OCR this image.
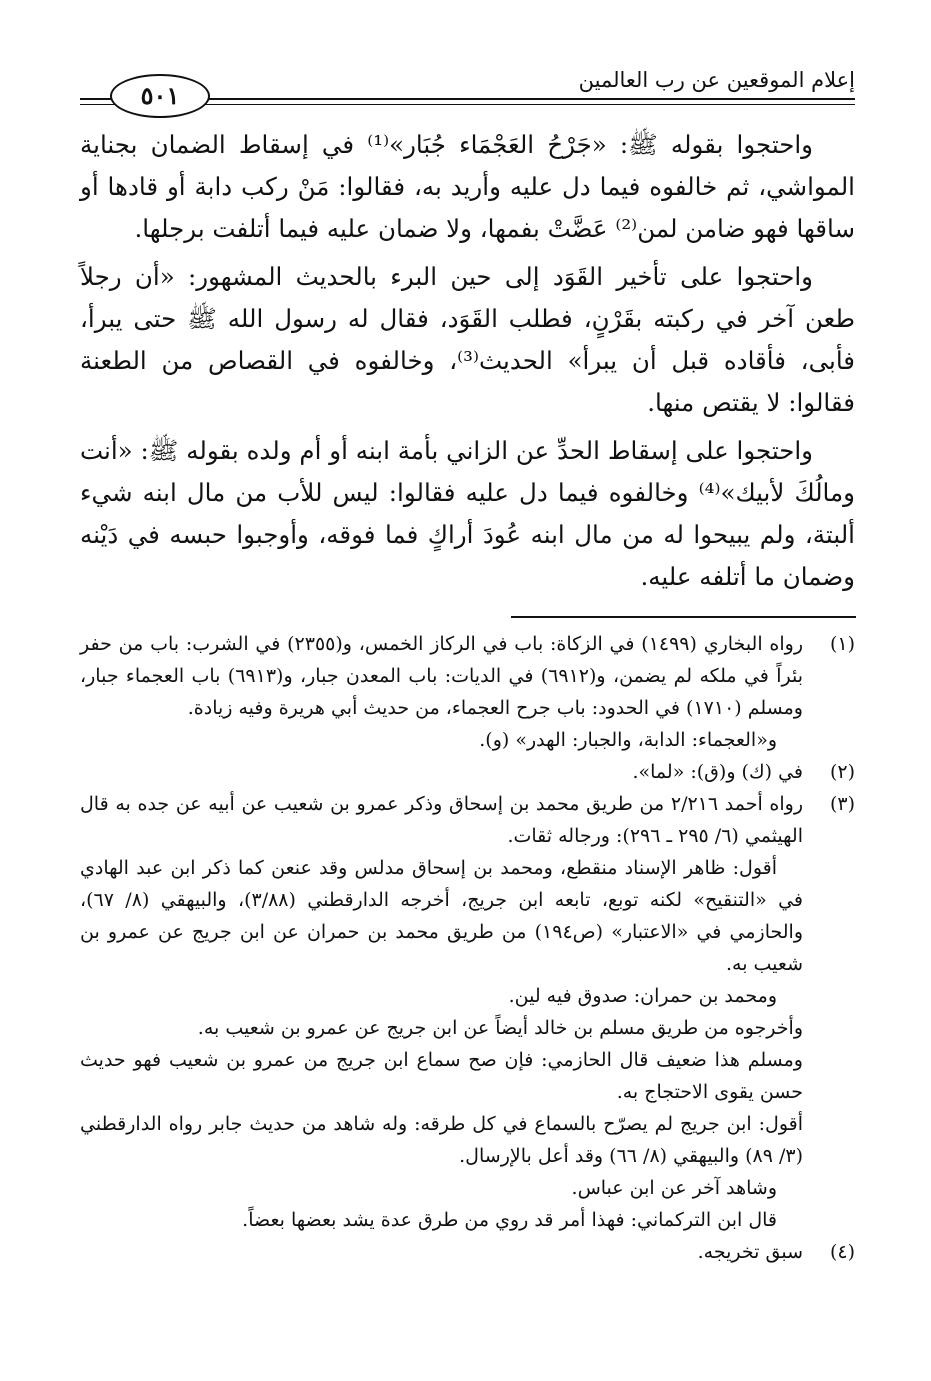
إعلام الموقعين عن رب العالمين
٥٠١

واحتجوا بقوله ﷺ: «جَرْحُ العَجْمَاء جُبَار»⁽¹⁾ في إسقاط الضمان بجناية المواشي، ثم خالفوه فيما دل عليه وأريد به، فقالوا: مَنْ ركب دابة أو قادها أو ساقها فهو ضامن لمن⁽²⁾ عَضَّتْ بفمها، ولا ضمان عليه فيما أتلفت برجلها.

واحتجوا على تأخير القَوَد إلى حين البرء بالحديث المشهور: «أن رجلاً طعن آخر في ركبته بقَرْنٍ، فطلب القَوَد، فقال له رسول الله ﷺ حتى يبرأ، فأبى، فأقاده قبل أن يبرأ» الحديث⁽³⁾، وخالفوه في القصاص من الطعنة فقالوا: لا يقتص منها.

واحتجوا على إسقاط الحدِّ عن الزاني بأمة ابنه أو أم ولده بقوله ﷺ: «أنت ومالُكَ لأبيك»⁽⁴⁾ وخالفوه فيما دل عليه فقالوا: ليس للأب من مال ابنه شيء ألبتة، ولم يبيحوا له من مال ابنه عُودَ أراكٍ فما فوقه، وأوجبوا حبسه في دَيْنه وضمان ما أتلفه عليه.

(١)

رواه البخاري (١٤٩٩) في الزكاة: باب في الركاز الخمس، و(٢٣٥٥) في الشرب: باب من حفر بئراً في ملكه لم يضمن، و(٦٩١٢) في الديات: باب المعدن جبار، و(٦٩١٣) باب العجماء جبار، ومسلم (١٧١٠) في الحدود: باب جرح العجماء، من حديث أبي هريرة وفيه زيادة.

و«العجماء: الدابة، والجبار: الهدر» (و).

(٢)

في (ك) و(ق): «لما».

(٣)

رواه أحمد ٢/٢١٦ من طريق محمد بن إسحاق وذكر عمرو بن شعيب عن أبيه عن جده به قال الهيثمي (٦/ ٢٩٥ ـ ٢٩٦): ورجاله ثقات.

أقول: ظاهر الإسناد منقطع، ومحمد بن إسحاق مدلس وقد عنعن كما ذكر ابن عبد الهادي في «التنقيح» لكنه توبع، تابعه ابن جريج، أخرجه الدارقطني (٣/٨٨)، والبيهقي (٨/ ٦٧)، والحازمي في «الاعتبار» (ص١٩٤) من طريق محمد بن حمران عن ابن جريج عن عمرو بن شعيب به.

ومحمد بن حمران: صدوق فيه لين.

وأخرجوه من طريق مسلم بن خالد أيضاً عن ابن جريج عن عمرو بن شعيب به.

ومسلم هذا ضعيف قال الحازمي: فإن صح سماع ابن جريج من عمرو بن شعيب فهو حديث حسن يقوى الاحتجاج به.

أقول: ابن جريج لم يصرّح بالسماع في كل طرقه: وله شاهد من حديث جابر رواه الدارقطني (٣/ ٨٩) والبيهقي (٨/ ٦٦) وقد أعل بالإرسال.

وشاهد آخر عن ابن عباس.

قال ابن التركماني: فهذا أمر قد روي من طرق عدة يشد بعضها بعضاً.

(٤)

سبق تخريجه.
